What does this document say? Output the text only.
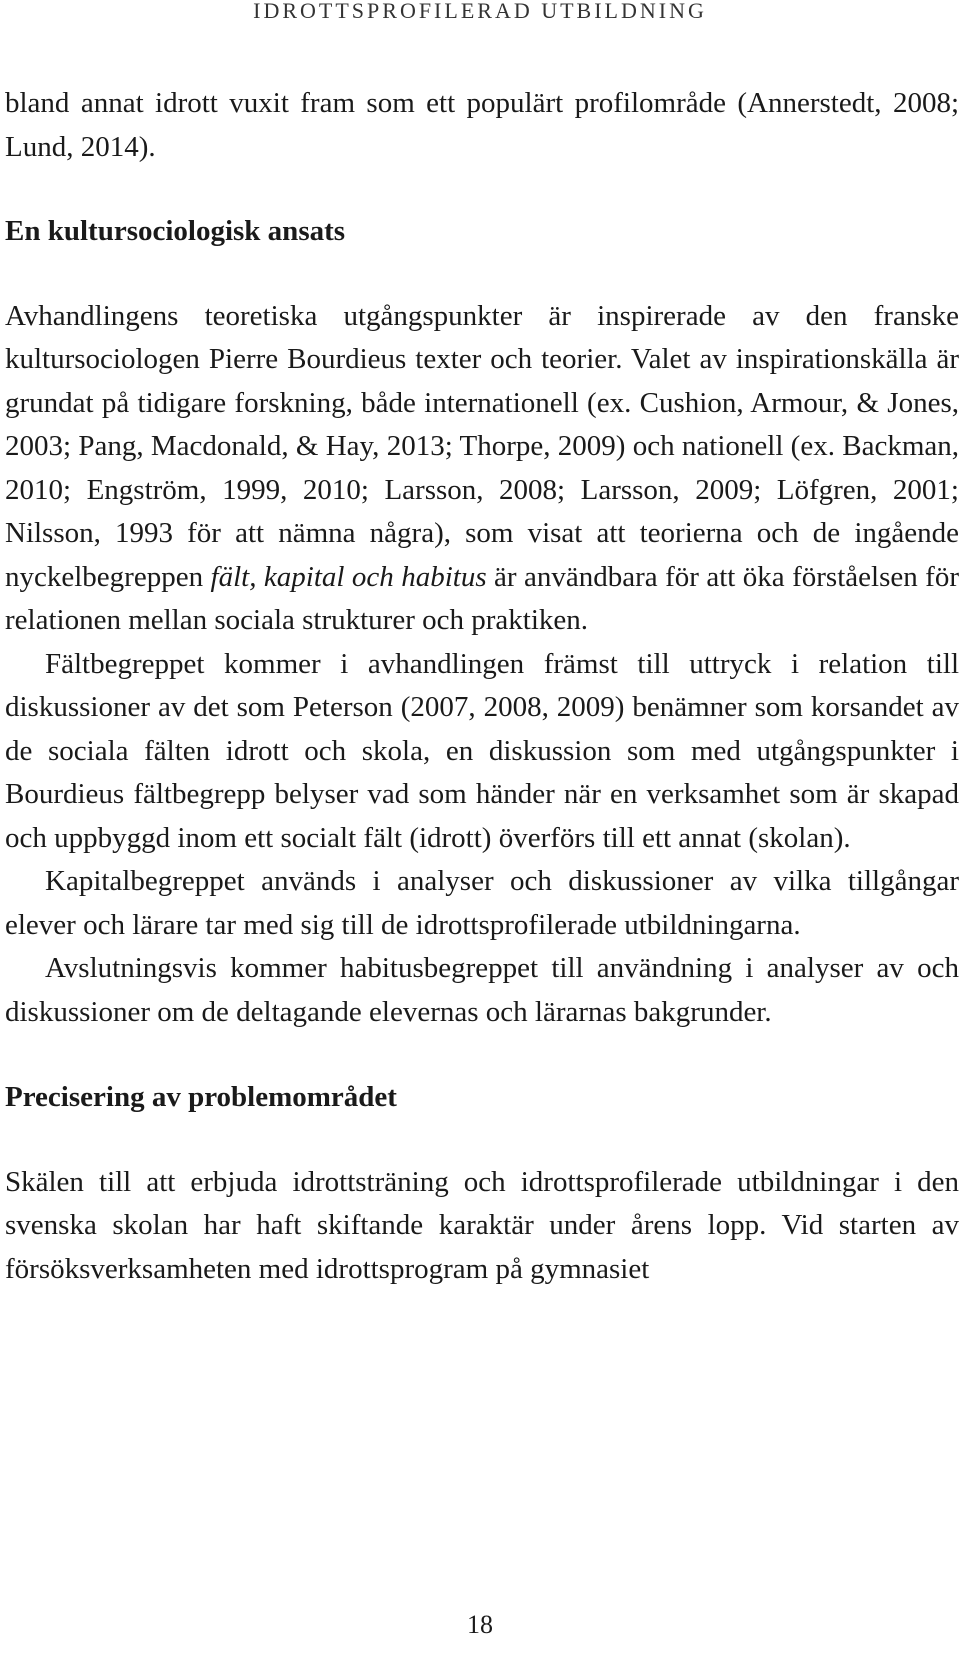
IDROTTSPROFILERAD UTBILDNING

bland annat idrott vuxit fram som ett populärt profilområde (Annerstedt, 2008; Lund, 2014).

En kultursociologisk ansats

Avhandlingens teoretiska utgångspunkter är inspirerade av den franske kultursociologen Pierre Bourdieus texter och teorier. Valet av inspirationskälla är grundat på tidigare forskning, både internationell (ex. Cushion, Armour, & Jones, 2003; Pang, Macdonald, & Hay, 2013; Thorpe, 2009) och nationell (ex. Backman, 2010; Engström, 1999, 2010; Larsson, 2008; Larsson, 2009; Löfgren, 2001; Nilsson, 1993 för att nämna några), som visat att teorierna och de ingående nyckelbegreppen fält, kapital och habitus är användbara för att öka förståelsen för relationen mellan sociala strukturer och praktiken.

Fältbegreppet kommer i avhandlingen främst till uttryck i relation till diskussioner av det som Peterson (2007, 2008, 2009) benämner som korsandet av de sociala fälten idrott och skola, en diskussion som med utgångspunkter i Bourdieus fältbegrepp belyser vad som händer när en verksamhet som är skapad och uppbyggd inom ett socialt fält (idrott) överförs till ett annat (skolan).

Kapitalbegreppet används i analyser och diskussioner av vilka tillgångar elever och lärare tar med sig till de idrottsprofilerade utbildningarna.

Avslutningsvis kommer habitusbegreppet till användning i analyser av och diskussioner om de deltagande elevernas och lärarnas bakgrunder.

Precisering av problemområdet

Skälen till att erbjuda idrottsträning och idrottsprofilerade utbildningar i den svenska skolan har haft skiftande karaktär under årens lopp. Vid starten av försöksverksamheten med idrottsprogram på gymnasiet

18
